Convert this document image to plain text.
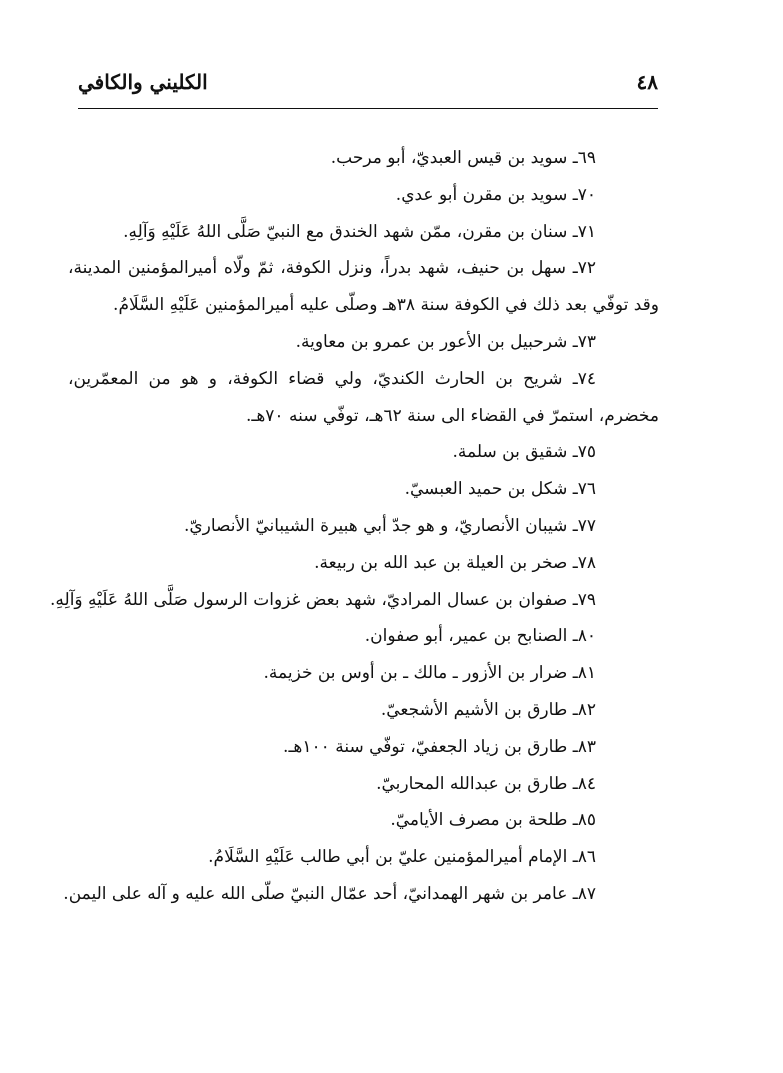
٤٨
الكليني والكافي
٦٩ـ سويد بن قيس العبديّ، أبو مرحب.
٧٠ـ سويد بن مقرن أبو عدي.
٧١ـ سنان بن مقرن، ممّن شهد الخندق مع النبيّ صَلَّى اللهُ عَلَيْهِ وَآلِهِ.
٧٢ـ سهل بن حنيف، شهد بدراً، ونزل الكوفة، ثمّ ولّاه أميرالمؤمنين المدينة،
وقد توفّي بعد ذلك في الكوفة سنة ٣٨هـ وصلّى عليه أميرالمؤمنين عَلَيْهِ السَّلَامُ.
٧٣ـ شرحبيل بن الأعور بن عمرو بن معاوية.
٧٤ـ شريح بن الحارث الكنديّ، ولي قضاء الكوفة، و هو من المعمّرين،
مخضرم، استمرّ في القضاء الى سنة ٦٢هـ، توفّي سنه ٧٠هـ.
٧٥ـ شقيق بن سلمة.
٧٦ـ شكل بن حميد العبسيّ.
٧٧ـ شيبان الأنصاريّ، و هو جدّ أبي هبيرة الشيبانيّ الأنصاريّ.
٧٨ـ صخر بن العيلة بن عبد الله بن ربيعة.
٧٩ـ صفوان بن عسال المراديّ، شهد بعض غزوات الرسول صَلَّى اللهُ عَلَيْهِ وَآلِهِ.
٨٠ـ الصنابح بن عمير، أبو صفوان.
٨١ـ ضرار بن الأزور ـ مالك ـ بن أوس بن خزيمة.
٨٢ـ طارق بن الأشيم الأشجعيّ.
٨٣ـ طارق بن زياد الجعفيّ، توفّي سنة ١٠٠هـ.
٨٤ـ طارق بن عبدالله المحاربيّ.
٨٥ـ طلحة بن مصرف الأياميّ.
٨٦ـ الإمام أميرالمؤمنين عليّ بن أبي طالب عَلَيْهِ السَّلَامُ.
٨٧ـ عامر بن شهر الهمدانيّ، أحد عمّال النبيّ صلّى الله عليه و آله على اليمن.
